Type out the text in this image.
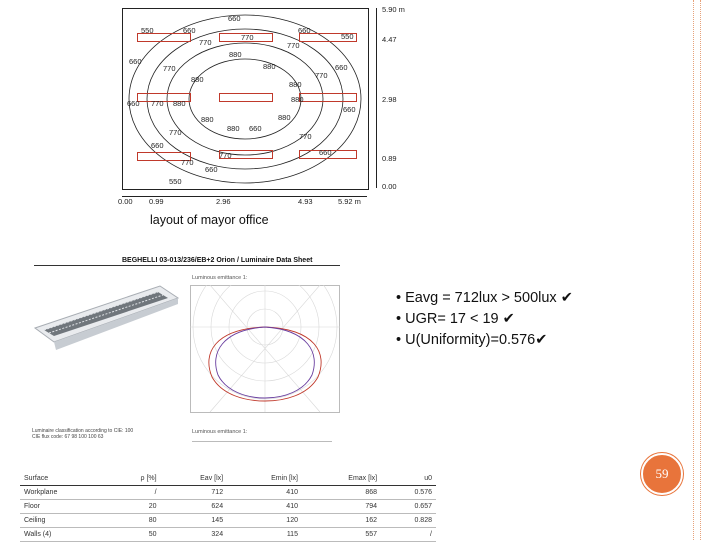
660
550	660
770
660
550
660
770
880
770
660
770	880
880	770
660
880
770 880
660
880
880	880
880
770
660
660
770
770	660
770
660
550
5.90 m
4.47
2.98
0.89
0.00
0.00 0.99	2.96	4.93	5.92 m
layout of mayor office
BEGHELLI 03-013/236/EB+2 Orion / Luminaire Data Sheet
Luminous emittance 1:
Luminaire classification according to CIE: 100
CIE flux code: 67 98 100 100 63
Luminous emittance 1:
• Eavg = 712lux > 500lux ✔
• UGR= 17 < 19 ✔
• U(Uniformity)=0.576✔
59
Surface	ρ [%]	Eav [lx]	Emin [lx]	Emax [lx]	u0
Workplane	/	712	410	868	0.576
Floor	20	624	410	794	0.657
Ceiling	80	145	120	162	0.828
Walls (4)	50	324	115	557	/
